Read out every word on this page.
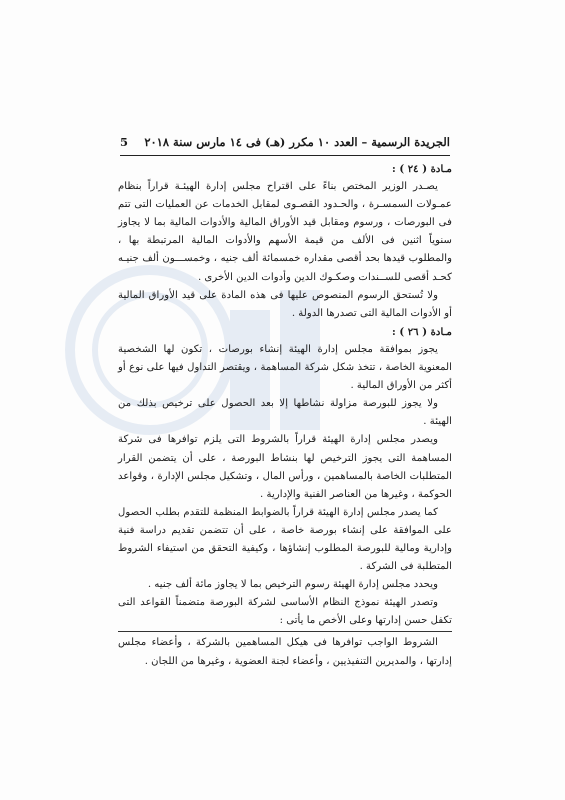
الجريدة الرسمية – العدد ١٠ مكرر (هـ) فى ١٤ مارس سنة ٢٠١٨
5

مـادة ( ٢٤ ) :

يصـدر الوزير المختص بناءً على اقتراح مجلس إدارة الهيئـة قراراً بنظام عمـولات السمسـرة ، والحـدود القصـوى لمقابل الخدمات عن العمليات التى تتم فى البورصات ، ورسوم ومقابل قيد الأوراق المالية والأدوات المالية بما لا يجاوز سنوياً اثنين فى الألف من قيمة الأسهم والأدوات المالية المرتبطة بها ، والمطلوب قيدها بحد أقصى مقداره خمسمائة ألف جنيه ، وخمســـون ألف جنيـه كحـد أقصى للســندات وصكـوك الدين وأدوات الدين الأخرى .

ولا تُستحق الرسوم المنصوص عليها فى هذه المادة على قيد الأوراق المالية أو الأدوات المالية التى تصدرها الدولة .

مـادة ( ٢٦ ) :

يجوز بموافقة مجلس إدارة الهيئة إنشاء بورصات ، تكون لها الشخصية المعنوية الخاصة ، تتخذ شكل شركة المساهمة ، ويقتصر التداول فيها على نوع أو أكثر من الأوراق المالية .

ولا يجوز للبورصة مزاولة نشاطها إلا بعد الحصول على ترخيص بذلك من الهيئة .

ويصدر مجلس إدارة الهيئة قراراً بالشروط التى يلزم توافرها فى شركة المساهمة التى يجوز الترخيص لها بنشاط البورصة ، على أن يتضمن القرار المتطلبات الخاصة بالمساهمين ، ورأس المال ، وتشكيل مجلس الإدارة ، وقواعد الحوكمة ، وغيرها من العناصر الفنية والإدارية .

كما يصدر مجلس إدارة الهيئة قراراً بالضوابط المنظمة للتقدم بطلب الحصول على الموافقة على إنشاء بورصة خاصة ، على أن تتضمن تقديم دراسة فنية وإدارية ومالية للبورصة المطلوب إنشاؤها ، وكيفية التحقق من استيفاء الشروط المتطلبة فى الشركة .

ويحدد مجلس إدارة الهيئة رسوم الترخيص بما لا يجاوز مائة ألف جنيه .

وتصدر الهيئة نموذج النظام الأساسى لشركة البورصة متضمناً القواعد التى تكفل حسن إدارتها وعلى الأخص ما يأتى :

الشروط الواجب توافرها فى هيكل المساهمين بالشركة ، وأعضاء مجلس إدارتها ، والمديرين التنفيذيين ، وأعضاء لجنة العضوية ، وغيرها من اللجان .
